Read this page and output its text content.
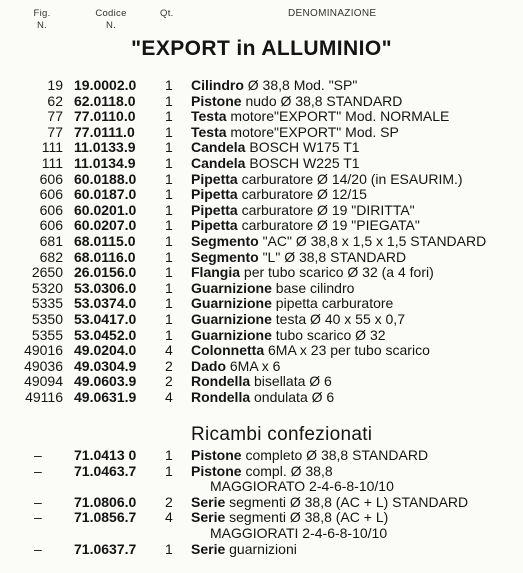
Fig.
N.
Codice
N.
Qt.	DENOMINAZIONE
"EXPORT in ALLUMINIO"
19 19.0002.0 1 Cilindro Ø 38,8 Mod. "SP"
62 62.0118.0 1 Pistone nudo Ø 38,8 STANDARD
77 77.0110.0 1 Testa motore"EXPORT" Mod. NORMALE
77 77.0111.0 1 Testa motore"EXPORT" Mod. SP
111 11.0133.9 1 Candela BOSCH W175 T1
111 11.0134.9 1 Candela BOSCH W225 T1
606 60.0188.0 1 Pipetta carburatore Ø 14/20 (in ESAURIM.)
606 60.0187.0 1 Pipetta carburatore Ø 12/15
606 60.0201.0 1 Pipetta carburatore Ø 19 "DIRITTA"
606 60.0207.0 1 Pipetta carburatore Ø 19 "PIEGATA"
681 68.0115.0 1 Segmento "AC" Ø 38,8 x 1,5 x 1,5 STANDARD
682 68.0116.0 1 Segmento "L" Ø 38,8 STANDARD
2650 26.0156.0 1 Flangia per tubo scarico Ø 32 (a 4 fori)
5320 53.0306.0 1 Guarnizione base cilindro
5335 53.0374.0 1 Guarnizione pipetta carburatore
5350 53.0417.0 1 Guarnizione testa Ø 40 x 55 x 0,7
5355 53.0452.0 1 Guarnizione tubo scarico Ø 32
49016 49.0204.0 4 Colonnetta 6MA x 23 per tubo scarico
49036 49.0304.9 2 Dado 6MA x 6
49094 49.0603.9 2 Rondella bisellata Ø 6
49116 49.0631.9 4 Rondella ondulata Ø 6
Ricambi confezionati
– 71.0413 0 1 Pistone completo Ø 38,8 STANDARD
– 71.0463.7 1 Pistone compl. Ø 38,8
MAGGIORATO 2-4-6-8-10/10
– 71.0806.0 2 Serie segmenti Ø 38,8 (AC + L) STANDARD
– 71.0856.7 4 Serie segmenti Ø 38,8 (AC + L)
MAGGIORATI 2-4-6-8-10/10
– 71.0637.7 1 Serie guarnizioni
